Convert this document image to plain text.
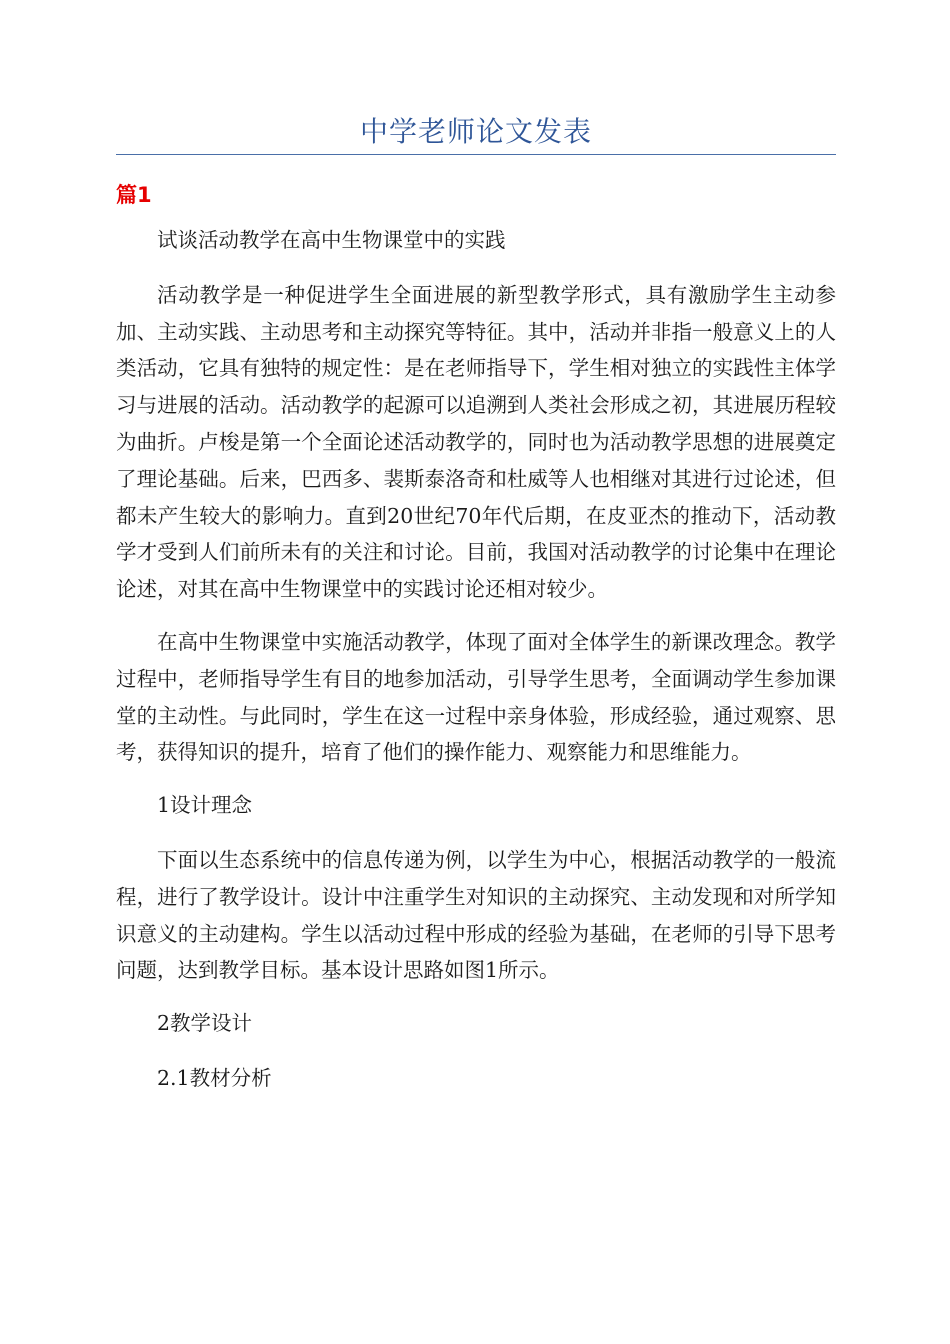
中学老师论文发表
篇1

试谈活动教学在高中生物课堂中的实践

活动教学是一种促进学生全面进展的新型教学形式，具有激励学生主动参加、主动实践、主动思考和主动探究等特征。其中，活动并非指一般意义上的人类活动，它具有独特的规定性：是在老师指导下，学生相对独立的实践性主体学习与进展的活动。活动教学的起源可以追溯到人类社会形成之初，其进展历程较为曲折。卢梭是第一个全面论述活动教学的，同时也为活动教学思想的进展奠定了理论基础。后来，巴西多、裴斯泰洛奇和杜威等人也相继对其进行过论述，但都未产生较大的影响力。直到20世纪70年代后期，在皮亚杰的推动下，活动教学才受到人们前所未有的关注和讨论。目前，我国对活动教学的讨论集中在理论论述，对其在高中生物课堂中的实践讨论还相对较少。

在高中生物课堂中实施活动教学，体现了面对全体学生的新课改理念。教学过程中，老师指导学生有目的地参加活动，引导学生思考，全面调动学生参加课堂的主动性。与此同时，学生在这一过程中亲身体验，形成经验，通过观察、思考，获得知识的提升，培育了他们的操作能力、观察能力和思维能力。

1设计理念

下面以生态系统中的信息传递为例，以学生为中心，根据活动教学的一般流程，进行了教学设计。设计中注重学生对知识的主动探究、主动发现和对所学知识意义的主动建构。学生以活动过程中形成的经验为基础，在老师的引导下思考问题，达到教学目标。基本设计思路如图1所示。

2教学设计

2.1教材分析
